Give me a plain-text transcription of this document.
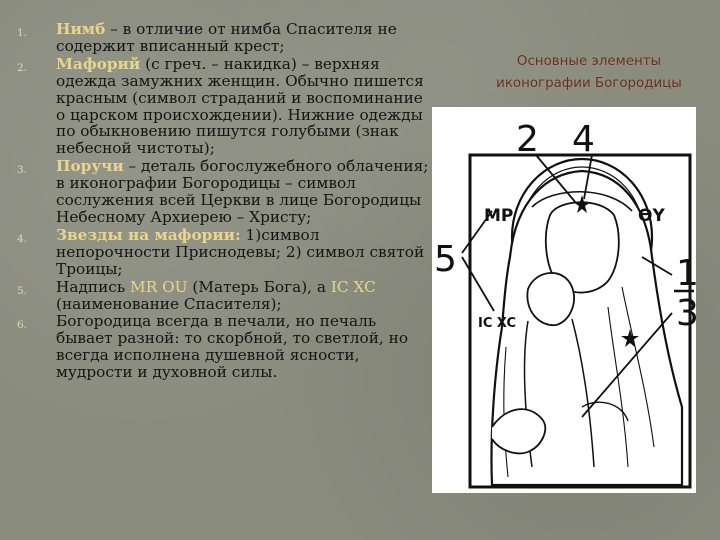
1. Нимб – в отличие от нимба Спасителя не содержит вписанный крест;
2. Мафорий (с греч. – накидка) – верхняя одежда замужних женщин. Обычно пишется красным (символ страданий и воспоминание о царском происхождении). Нижние одежды по обыкновению пишутся голубыми (знак небесной чистоты);
3. Поручи – деталь богослужебного облачения; в иконографии Богородицы – символ сослужения всей Церкви в лице Богородицы Небесному Архиерею – Христу;
4. Звезды на мафории: 1)символ непорочности Приснодевы; 2) символ святой Троицы;
5. Надпись MR OU (Матерь Бога), а IC XC (наименование Спасителя);
6. Богородица всегда в печали, но печаль бывает разной: то скорбной, то светлой, но всегда исполнена душевной ясности, мудрости и духовной силы.
Основные элементы
иконографии Богородицы
МР	ӨY
IC XC
2 4
5	1
3
